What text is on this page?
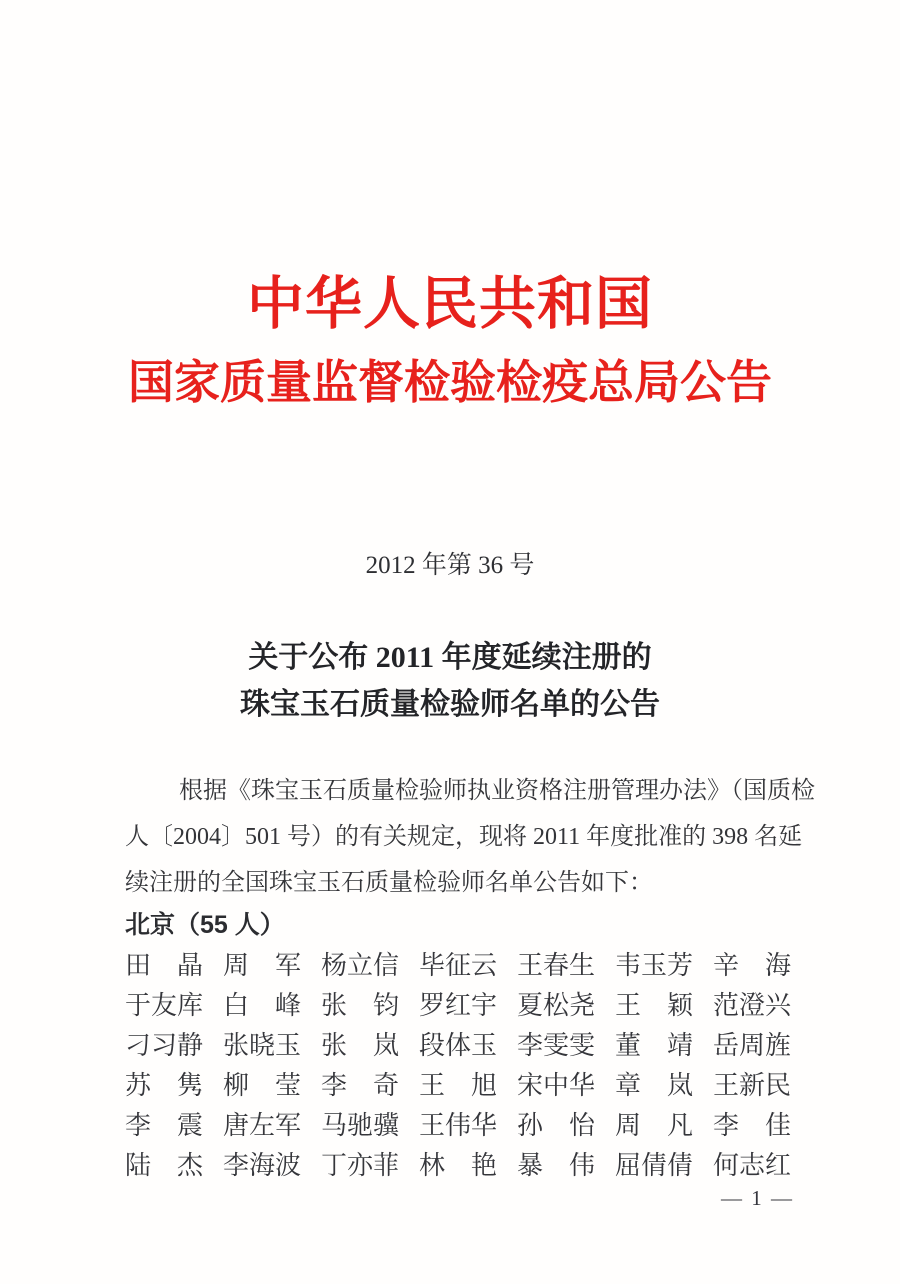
中华人民共和国
国家质量监督检验检疫总局公告
2012 年第 36 号
关于公布 2011 年度延续注册的
珠宝玉石质量检验师名单的公告
根据《珠宝玉石质量检验师执业资格注册管理办法》（国质检
人〔2004〕501 号）的有关规定，现将 2011 年度批准的 398 名延
续注册的全国珠宝玉石质量检验师名单公告如下：
北京（55 人）
田　晶 周　军 杨立信 毕征云 王春生 韦玉芳 辛　海
于友库 白　峰 张　钧 罗红宇 夏松尧 王　颖 范澄兴
刁习静 张晓玉 张　岚 段体玉 李雯雯 董　靖 岳周旌
苏　隽 柳　莹 李　奇 王　旭 宋中华 章　岚 王新民
李　震 唐左军 马驰骥 王伟华 孙　怡 周　凡 李　佳
陆　杰 李海波 丁亦菲 林　艳 暴　伟 屈倩倩 何志红
— 1 —
